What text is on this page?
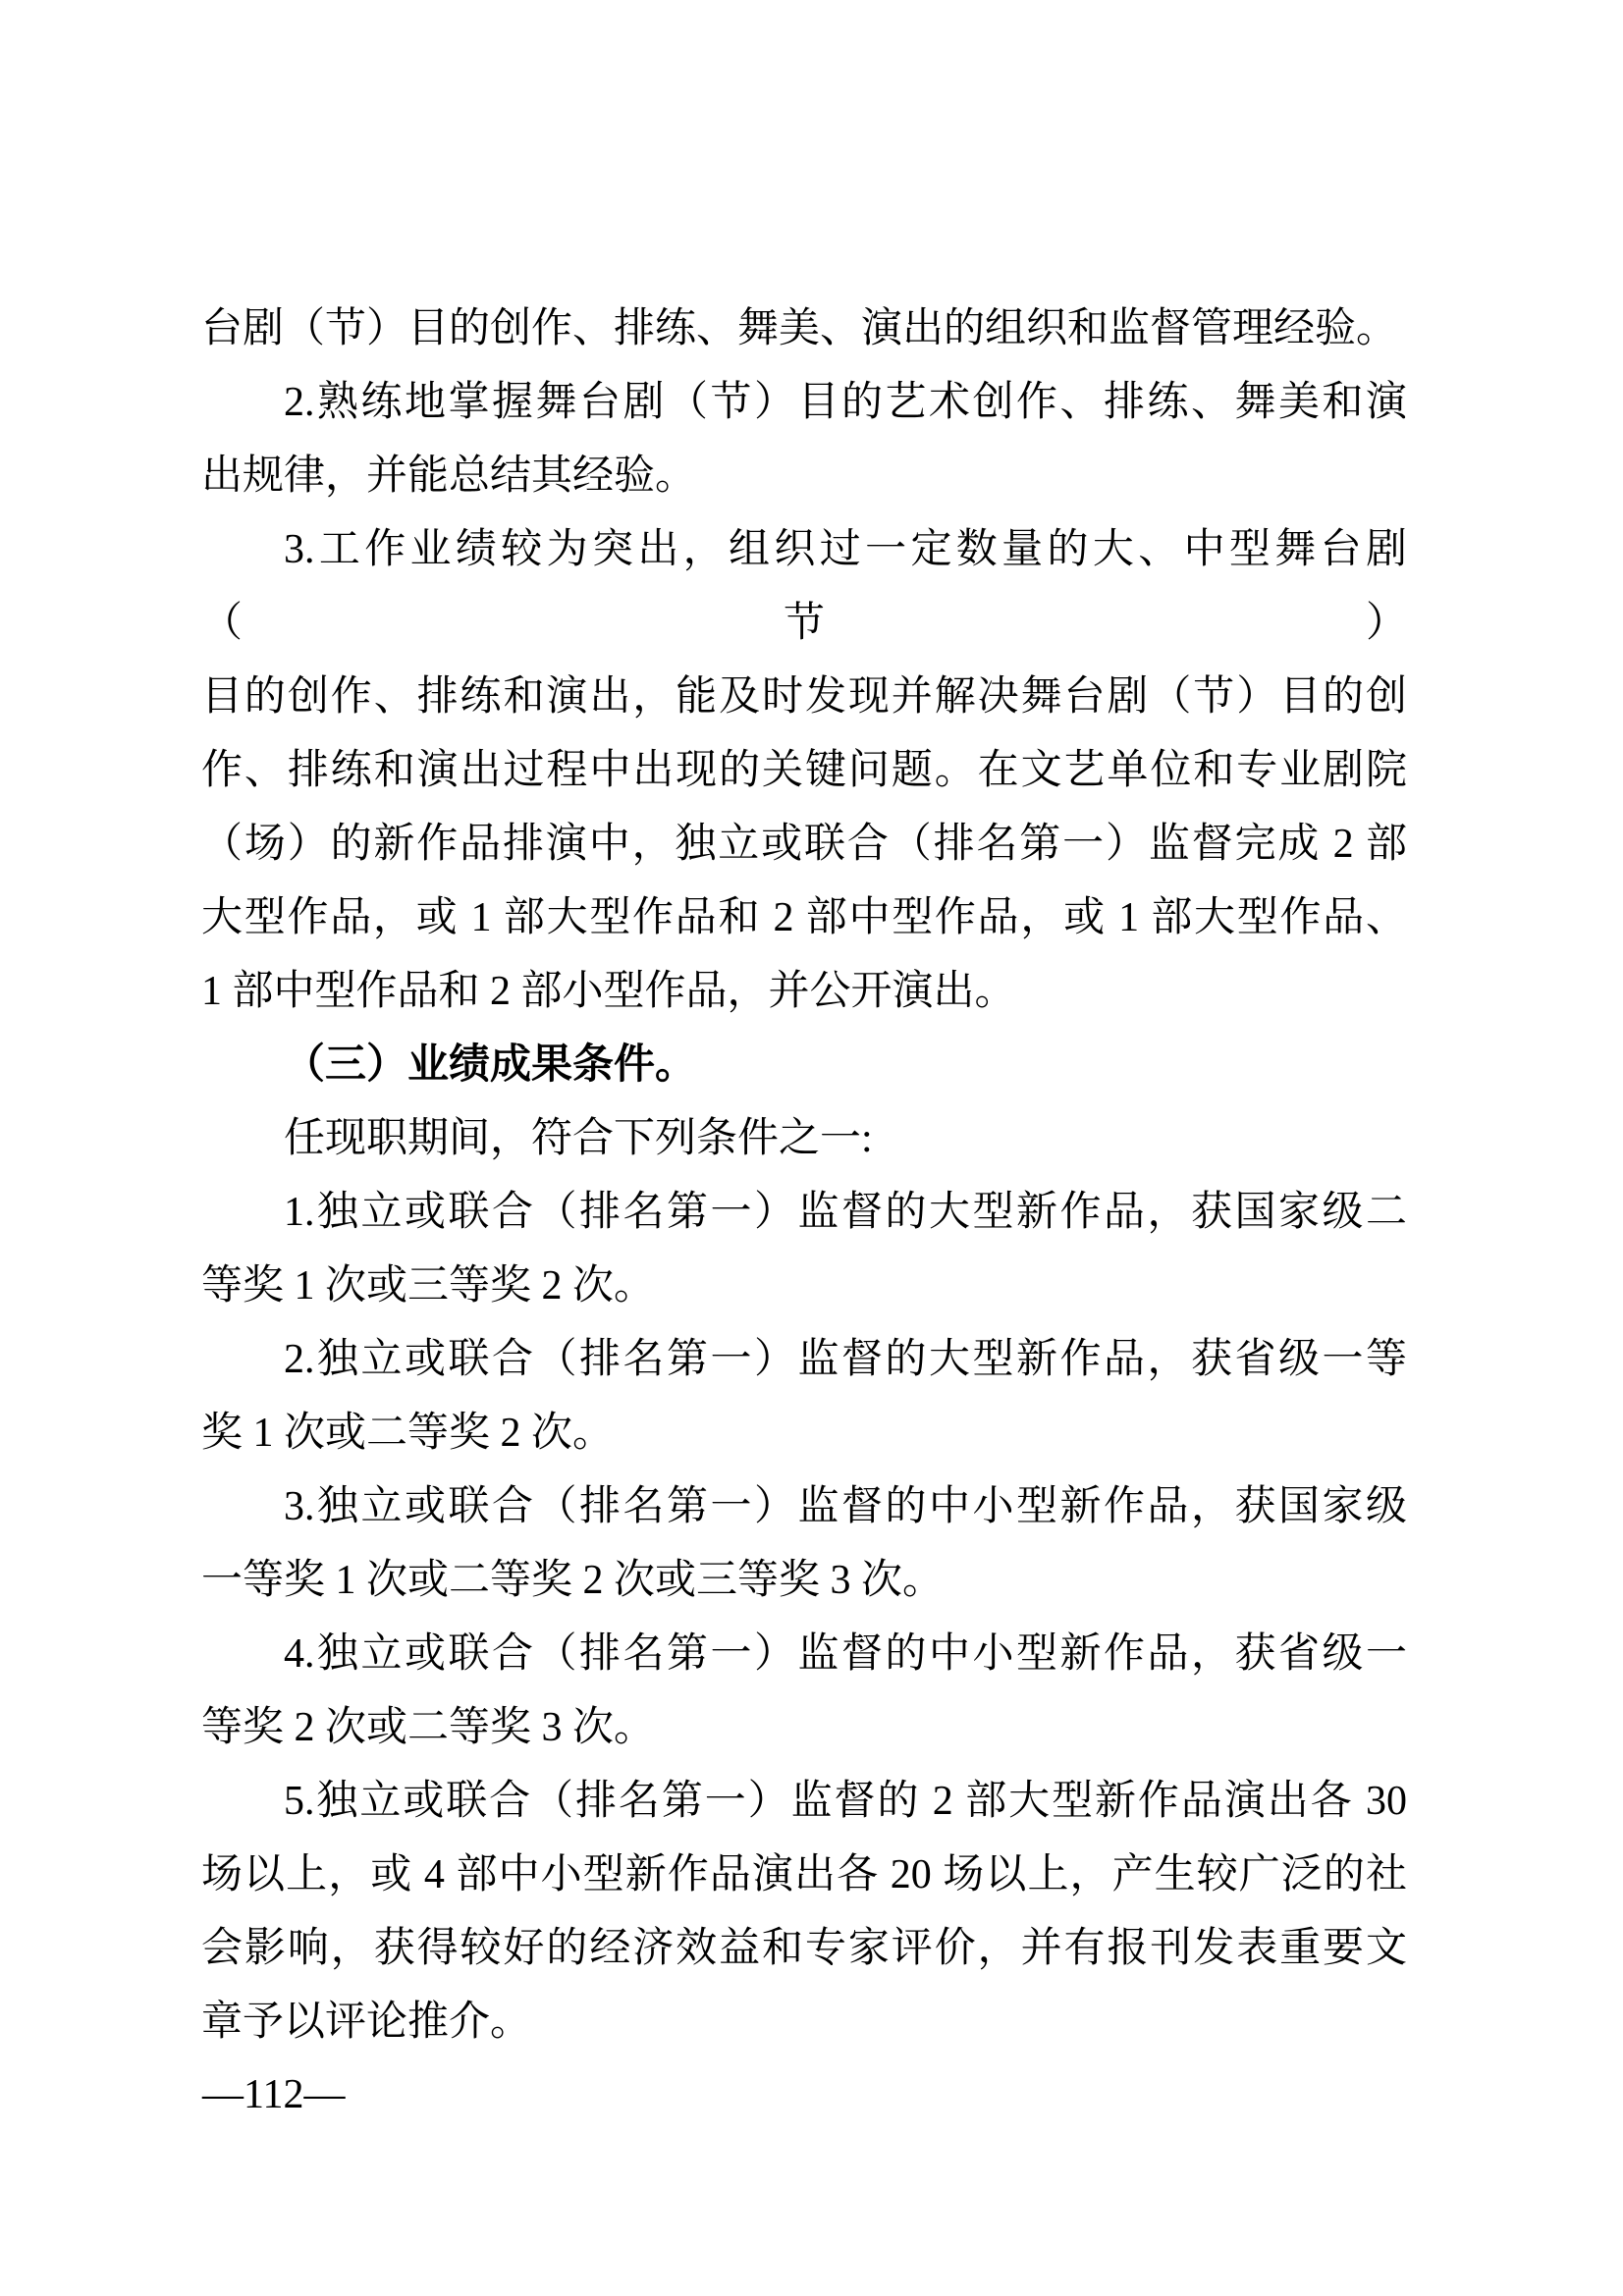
台剧（节）目的创作、排练、舞美、演出的组织和监督管理经验。

2.熟练地掌握舞台剧（节）目的艺术创作、排练、舞美和演
出规律，并能总结其经验。

3.工作业绩较为突出，组织过一定数量的大、中型舞台剧（节）
目的创作、排练和演出，能及时发现并解决舞台剧（节）目的创
作、排练和演出过程中出现的关键问题。在文艺单位和专业剧院
（场）的新作品排演中，独立或联合（排名第一）监督完成 2 部
大型作品，或 1 部大型作品和 2 部中型作品，或 1 部大型作品、
1 部中型作品和 2 部小型作品，并公开演出。

（三）业绩成果条件。

任现职期间，符合下列条件之一:

1.独立或联合（排名第一）监督的大型新作品，获国家级二
等奖 1 次或三等奖 2 次。

2.独立或联合（排名第一）监督的大型新作品，获省级一等
奖 1 次或二等奖 2 次。

3.独立或联合（排名第一）监督的中小型新作品，获国家级
一等奖 1 次或二等奖 2 次或三等奖 3 次。

4.独立或联合（排名第一）监督的中小型新作品，获省级一
等奖 2 次或二等奖 3 次。

5.独立或联合（排名第一）监督的 2 部大型新作品演出各 30
场以上，或 4 部中小型新作品演出各 20 场以上，产生较广泛的社
会影响，获得较好的经济效益和专家评价，并有报刊发表重要文
章予以评论推介。

—112—
